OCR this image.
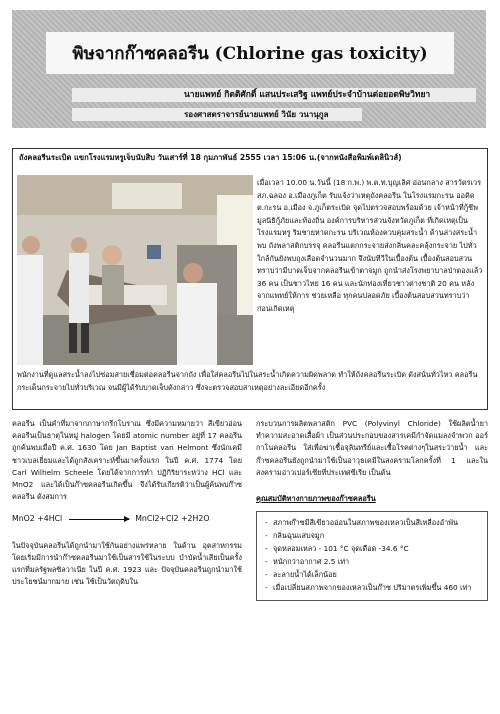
พิษจากก๊าซคลอรีน (Chlorine gas toxicity)
นายแพทย์ กิตติศักดิ์ แสนประเสริฐ แพทย์ประจำบ้านต่อยอดพิษวิทยา
รองศาสตราจารย์นายแพทย์ วินัย วนานุกูล
ถังคลอรีนระเบิด แขกโรงแรมหรูเจ็บนับสิบ วันเสาร์ที่ 18 กุมภาพันธ์ 2555 เวลา 15:06 น.(จากหนังสือพิมพ์เดลินิวส์)

เมื่อเวลา 10.00 น.วันนี้ (18 ก.พ.) พ.ต.ท.บุญเลิศ อ่อนกลาง สารวัตรเวร สภ.ฉลอง อ.เมืองภูเก็ต รับแจ้งว่าเหตุถังคลอรีน ในโรงแรมกะรน ออคิด ต.กะรน อ.เมือง จ.ภูเก็ตระเบิด จุดไปตรวจสอบพร้อมด้วย เจ้าหน้าที่กู้ชีพมูลนิธิกู้ภัยและท้องถิ่น องค์การบริหารส่วนจังหวัดภูเก็ต ที่เกิดเหตุเป็นโรงแรมหรู ริมชายหาดกะรน บริเวณห้องควบคุมสระน้ำ ด้านล่างสระน้ำพบ ถังพลาสติกบรรจุ คลอรีนแตกกระจายส่งกลิ่นคละคลุ้งกระจาย ไปทั่ว ใกล้กันยังพบถุงเลือดจำนวนมาก จึงนับทีวีในเบื้องต้น เบื้องต้นสอบสวนทราบว่ามีบาดเจ็บจากคลอรีนเข้าตาจมูก ถูกนำส่งโรงพยาบาลป่าตองแล้ว 36 คน เป็นชาวไทย 16 คน และนักท่องเที่ยวชาวต่างชาติ 20 คน หลังจากแพทย์ให้การ ช่วยเหลือ ทุกคนปลอดภัย เบื้องต้นสอบสวนทราบว่าก่อนเกิดเหตุ

พนักงานที่ดูแลสระน้ำลงไปซ่อมสายเชื่อมต่อคลอรีนจากถัง เพื่อใส่คลอรีนไปในสระน้ำเกิดความผิดพลาด ทำให้ถังคลอรีนระเบิด ดังสนั่นทั่วไหว คลอรีนกระเด็นกระจายไปทั่วบริเวณ จนมีผู้ได้รับบาดเจ็บดังกล่าว ซึ่งจะตรวจสอบสาเหตุอย่างละเอียดอีกครั้ง

คลอรีน เป็นคำที่มาจากภาษากรีกโบราณ ซึ่งมีความหมายว่า สีเขียวอ่อน คลอรีนเป็นธาตุในหมู่ halogen โดยมี atomic number อยู่ที่ 17 คลอรีนถูกค้นพบเมื่อปี ค.ศ. 1630 โดย Jan Baptist van Helmont ซึ่งนักเคมีชาวเบลเยี่ยมและได้ถูกสังเคราะห์ขึ้นมาครั้งแรก ในปี ค.ศ. 1774 โดย Carl Wilhelm Scheele โดยได้จากการทำ ปฏิกิริยาระหว่าง HCl และ MnO2 และได้เป็นก๊าซคลอรีนเกิดขึ้น จึงได้รับเกียรติว่าเป็นผู้ค้นพบก๊าซคลอรีน ดังสมการ

MnO2 +4HCl	MnCl2+Cl2 +2H2O

ในปัจจุบันคลอรีนได้ถูกนำมาใช้กันอย่างแพร่หลาย ในด้าน อุตสาหกรรม โดยเริ่มมีการนำก๊าซคลอรีนมาใช้เป็นสารใช้ในระบบ บำบัดน้ำเสียเป็นครั้งแรกที่มลรัฐพลซิลวาเนีย ในปี ค.ศ. 1923 และ ปัจจุบันคลอรีนถูกนำมาใช้ประโยชน์มากมาย เช่น ใช้เป็นวัตถุดิบใน

กระบวนการผลิตพลาสติก PVC (Polyvinyl Chloride) ใช้ผลิตน้ำยา ทำความสะอาดเสื้อผ้า เป็นส่วนประกอบของสารเคมีกำจัดแมลงจำพวก ออร์กาโนคลอรีน ใส่เพื่อฆ่าเชื้อจุลินทรีย์และเชื้อโรคต่างๆในสระว่ายน้ำ และก๊าซคลอรีนยังถูกนำมาใช้เป็นอาวุธเคมีในสงครามโลกครั้งที่ 1 และในสงครามอ่าวเปอร์เซียที่ประเทศซีเรีย เป็นต้น

คุณสมบัติทางกายภาพของก๊าซคลอรีน

- สภาพก๊าซมีสีเขียวออ่อนในสภาพของเหลวเป็นสีเหลืองอำพัน
- กลิ่นฉุนแสบจมูก
- จุดหลอมเหลว - 101 °C จุดเดือด -34.6 °C
- หนักกว่าอากาศ 2.5 เท่า
- ละลายน้ำได้เล็กน้อย
- เมื่อเปลี่ยนสภาพจากของเหลวเป็นก๊าซ ปริมาตรเพิ่มขึ้น 460 เท่า
